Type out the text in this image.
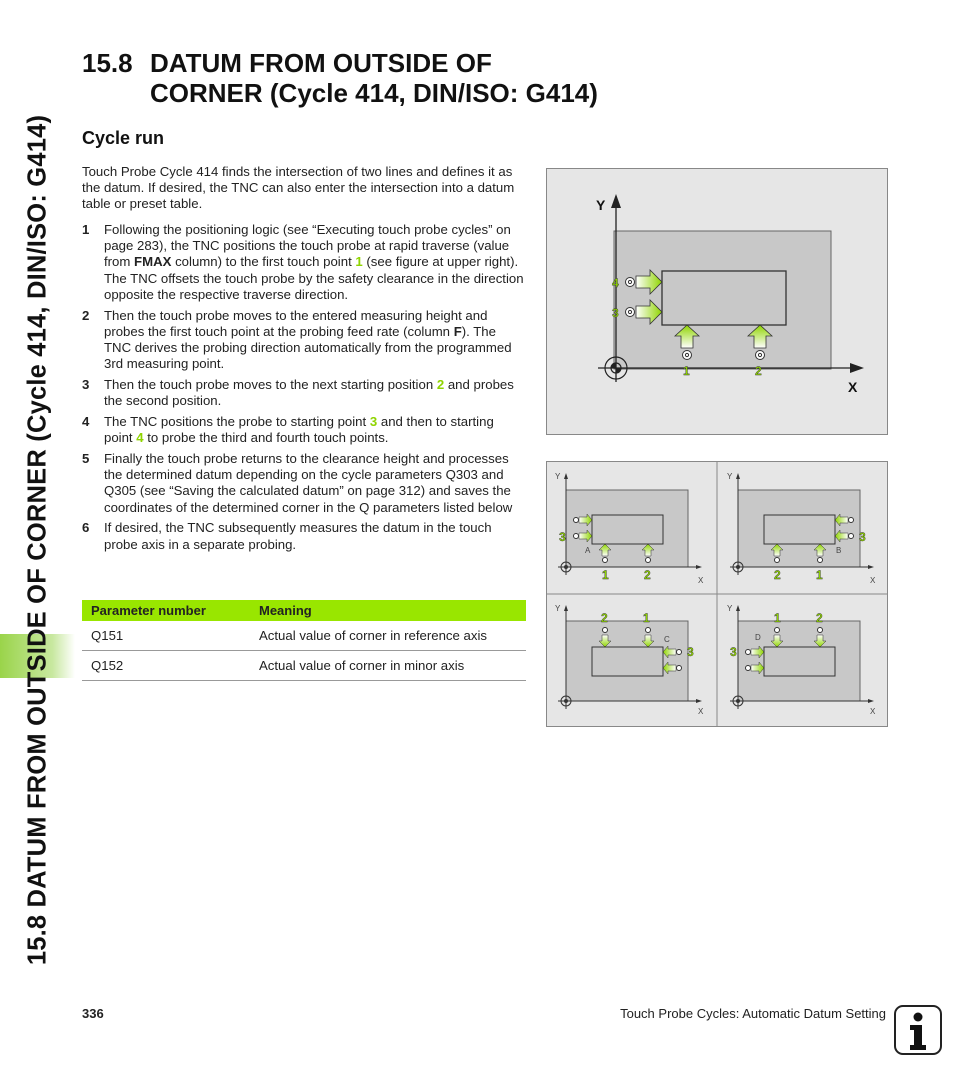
15.8 DATUM FROM OUTSIDE OF CORNER (Cycle 414, DIN/ISO: G414)
15.8 DATUM FROM OUTSIDE OF
CORNER (Cycle 414, DIN/ISO: G414)
Cycle run

Touch Probe Cycle 414 finds the intersection of two lines and defines it as the datum. If desired, the TNC can also enter the intersection into a datum table or preset table.

1	Following the positioning logic (see “Executing touch probe cycles” on page 283), the TNC positions the touch probe at rapid traverse (value from FMAX column) to the first touch point 1 (see figure at upper right). The TNC offsets the touch probe by the safety clearance in the direction opposite the respective traverse direction.
2	Then the touch probe moves to the entered measuring height and probes the first touch point at the probing feed rate (column F). The TNC derives the probing direction automatically from the programmed 3rd measuring point.
3	Then the touch probe moves to the next starting position 2 and probes the second position.
4	The TNC positions the probe to starting point 3 and then to starting point 4 to probe the third and fourth touch points.
5	Finally the touch probe returns to the clearance height and processes the determined datum depending on the cycle parameters Q303 and Q305 (see “Saving the calculated datum” on page 312) and saves the coordinates of the determined corner in the Q parameters listed below
6	If desired, the TNC subsequently measures the datum in the touch probe axis in a separate probing.
Parameter number	Meaning
Q151	Actual value of corner in reference axis
Q152	Actual value of corner in minor axis
X
Y
4
3
1	2
Y
X
A
Y
X
B
Y
X
C
Y
X
D
3
1	2
3
2	1
3
2	1
3
1	2
336	Touch Probe Cycles: Automatic Datum Setting
